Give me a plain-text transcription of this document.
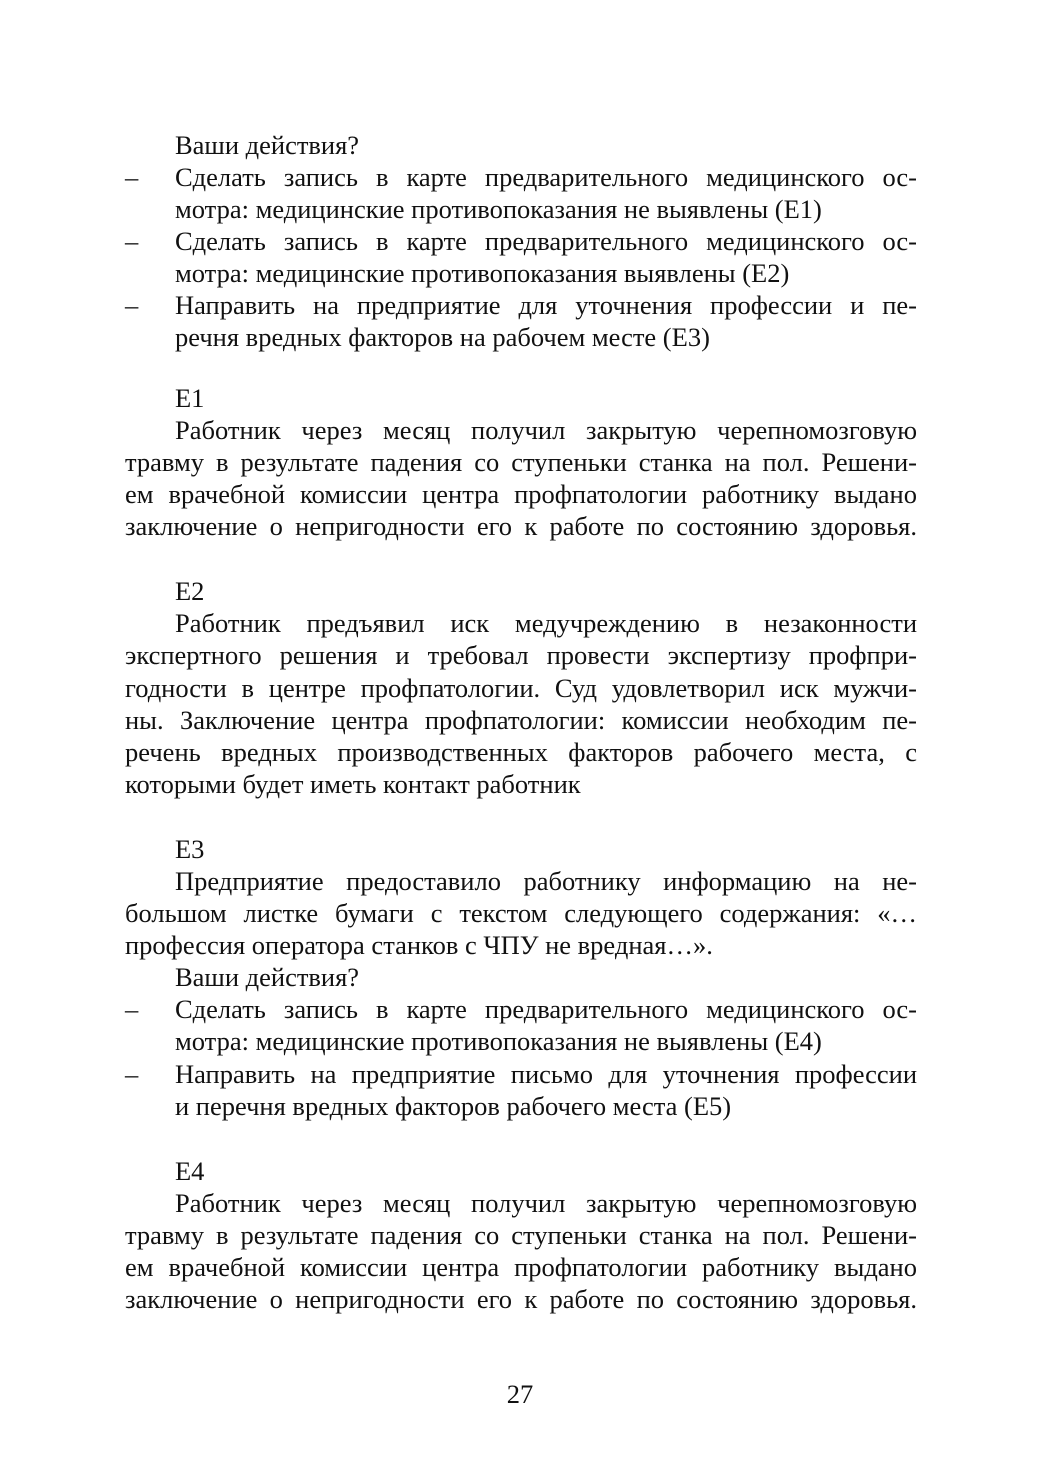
Ваши действия?
– Сделать запись в карте предварительного медицинского ос-
мотра: медицинские противопоказания не выявлены (Е1)
– Сделать запись в карте предварительного медицинского ос-
мотра: медицинские противопоказания выявлены (Е2)
– Направить на предприятие для уточнения профессии и пе-
речня вредных факторов на рабочем месте (Е3)
Е1
Работник через месяц получил закрытую черепномозговую
травму в результате падения со ступеньки станка на пол. Решени-
ем врачебной комиссии центра профпатологии работнику выдано
заключение о непригодности его к работе по состоянию здоровья.
Е2
Работник предъявил иск медучреждению в незаконности
экспертного решения и требовал провести экспертизу профпри-
годности в центре профпатологии. Суд удовлетворил иск мужчи-
ны. Заключение центра профпатологии: комиссии необходим пе-
речень вредных производственных факторов рабочего места, с
которыми будет иметь контакт работник
Е3
Предприятие предоставило работнику информацию на не-
большом листке бумаги с текстом следующего содержания: «…
профессия оператора станков с ЧПУ не вредная…».
Ваши действия?
– Сделать запись в карте предварительного медицинского ос-
мотра: медицинские противопоказания не выявлены (Е4)
– Направить на предприятие письмо для уточнения профессии
и перечня вредных факторов рабочего места (Е5)
Е4
Работник через месяц получил закрытую черепномозговую
травму в результате падения со ступеньки станка на пол. Решени-
ем врачебной комиссии центра профпатологии работнику выдано
заключение о непригодности его к работе по состоянию здоровья.
27
